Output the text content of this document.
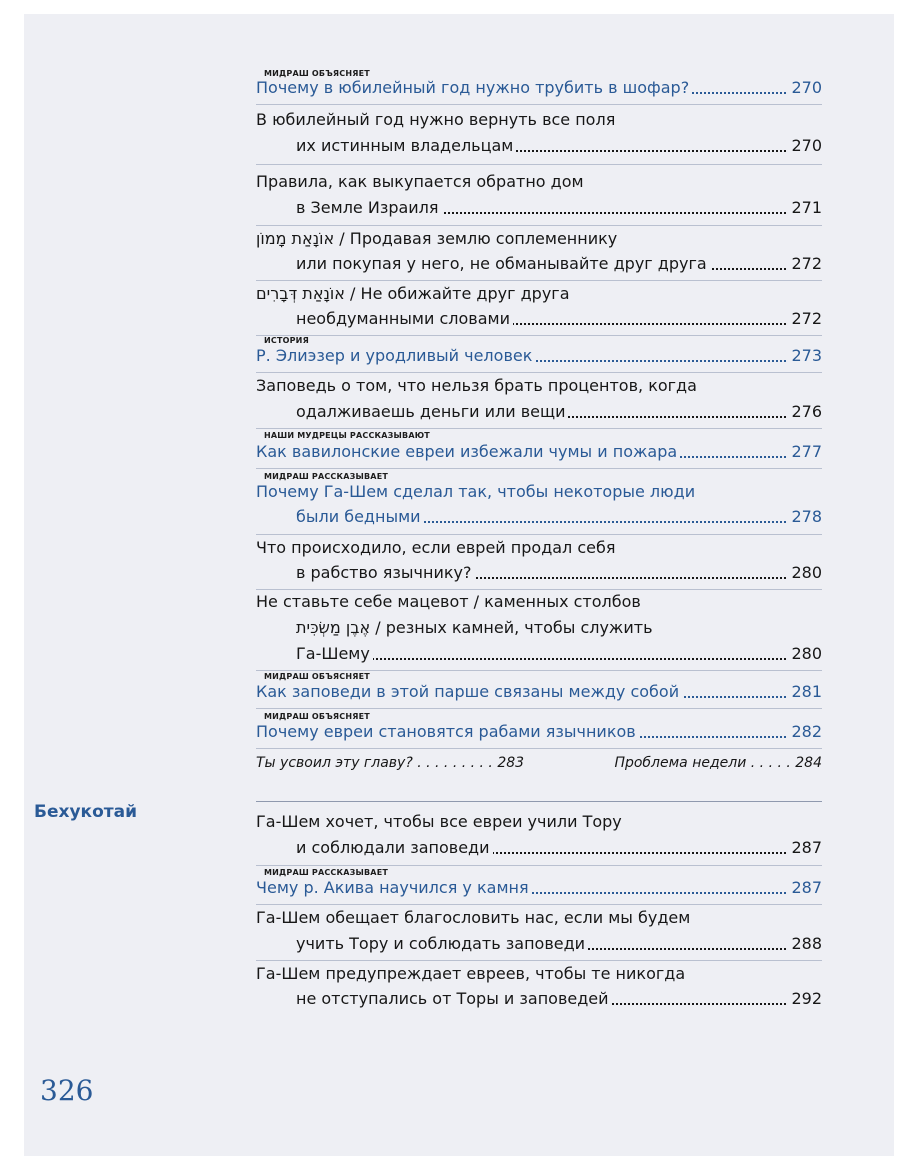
МИДРАШ ОБЪЯСНЯЕТ
Почему в юбилейный год нужно трубить в шофар?	270
В юбилейный год нужно вернуть все поля
их истинным владельцам	270
Правила, как выкупается обратно дом
в Земле Израиля	271
אוֹנָאַת מָמוֹן / Продавая землю соплеменнику
или покупая у него, не обманывайте друг друга	272
אוֹנָאַת דְּבָרִים / Не обижайте друг друга
необдуманными словами	272
ИСТОРИЯ
Р. Элиэзер и уродливый человек	273
Заповедь о том, что нельзя брать процентов, когда
одалживаешь деньги или вещи	276
НАШИ МУДРЕЦЫ РАССКАЗЫВАЮТ
Как вавилонские евреи избежали чумы и пожара	277
МИДРАШ РАССКАЗЫВАЕТ
Почему Га-Шем сделал так, чтобы некоторые люди
были бедными	278
Что происходило, если еврей продал себя
в рабство язычнику?	280
Не ставьте себе мацевот / каменных столбов
אֶבֶן מַשְׂכִּית / резных камней, чтобы служить
Га-Шему	280
МИДРАШ ОБЪЯСНЯЕТ
Как заповеди в этой парше связаны между собой	281
МИДРАШ ОБЪЯСНЯЕТ
Почему евреи становятся рабами язычников	282
Ты усвоил эту главу? . . . . . . . . . 283	Проблема недели . . . . . 284
Га-Шем хочет, чтобы все евреи учили Тору
и соблюдали заповеди	287
МИДРАШ РАССКАЗЫВАЕТ
Чему р. Акива научился у камня	287
Га-Шем обещает благословить нас, если мы будем
учить Тору и соблюдать заповеди	288
Га-Шем предупреждает евреев, чтобы те никогда
не отступались от Торы и заповедей	292
Бехукотай
326
